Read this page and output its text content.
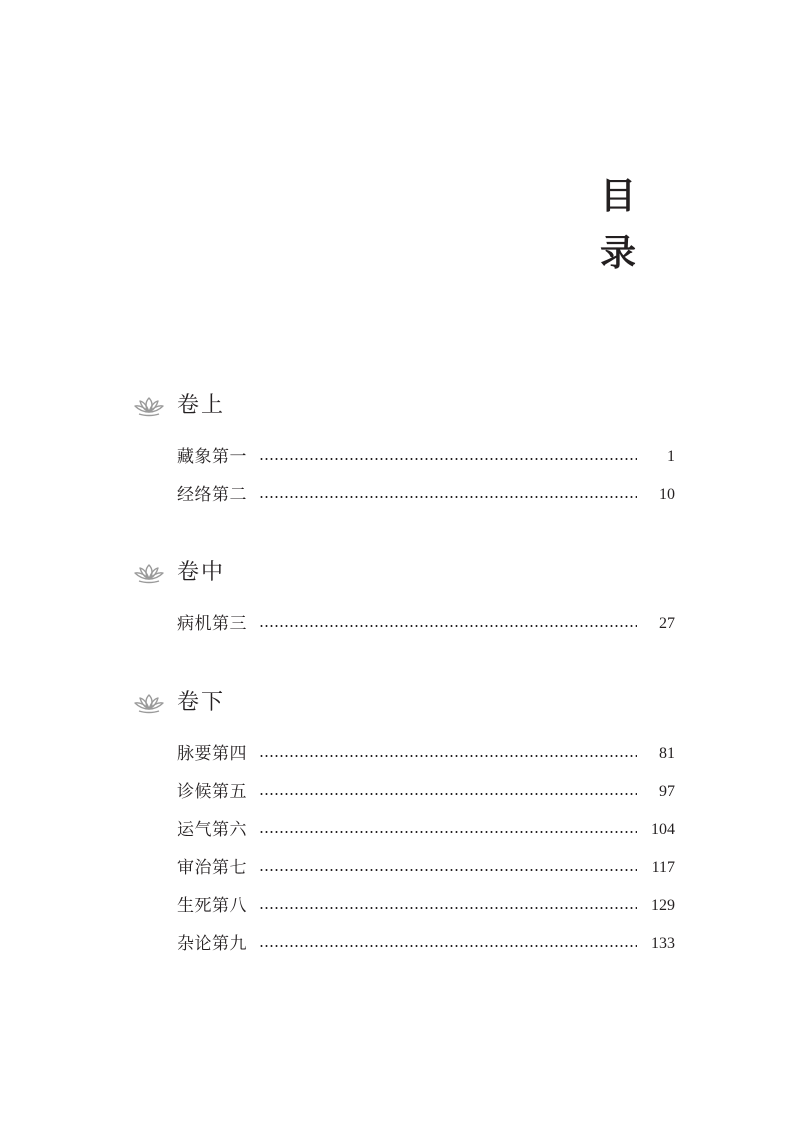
目
录
卷上
藏象第一	1
经络第二	10
卷中
病机第三	27
卷下
脉要第四	81
诊候第五	97
运气第六	104
审治第七	117
生死第八	129
杂论第九	133
